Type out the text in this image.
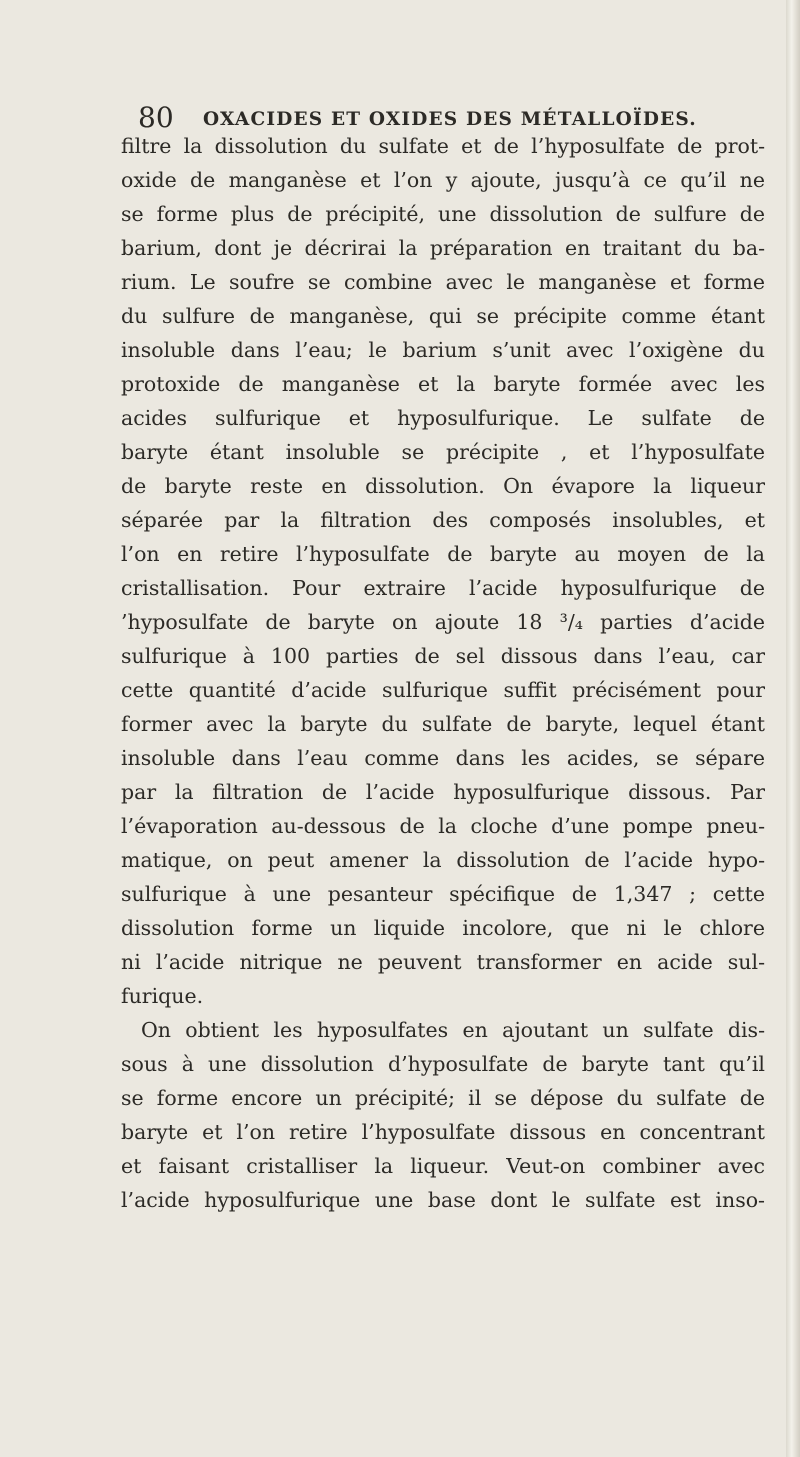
80 OXACIDES ET OXIDES DES MÉTALLOÏDES.
filtre la dissolution du sulfate et de l’hyposulfate de prot-
oxide de manganèse et l’on y ajoute, jusqu’à ce qu’il ne
se forme plus de précipité, une dissolution de sulfure de
barium, dont je décrirai la préparation en traitant du ba-
rium. Le soufre se combine avec le manganèse et forme
du sulfure de manganèse, qui se précipite comme étant
insoluble dans l’eau; le barium s’unit avec l’oxigène du
protoxide de manganèse et la baryte formée avec les
acides sulfurique et hyposulfurique. Le sulfate de
baryte étant insoluble se précipite , et l’hyposulfate
de baryte reste en dissolution. On évapore la liqueur
séparée par la filtration des composés insolubles, et
l’on en retire l’hyposulfate de baryte au moyen de la
cristallisation. Pour extraire l’acide hyposulfurique de
’hyposulfate de baryte on ajoute 18 ³/₄ parties d’acide
sulfurique à 100 parties de sel dissous dans l’eau, car
cette quantité d’acide sulfurique suffit précisément pour
former avec la baryte du sulfate de baryte, lequel étant
insoluble dans l’eau comme dans les acides, se sépare
par la filtration de l’acide hyposulfurique dissous. Par
l’évaporation au-dessous de la cloche d’une pompe pneu-
matique, on peut amener la dissolution de l’acide hypo-
sulfurique à une pesanteur spécifique de 1,347 ; cette
dissolution forme un liquide incolore, que ni le chlore
ni l’acide nitrique ne peuvent transformer en acide sul-
furique.
On obtient les hyposulfates en ajoutant un sulfate dis-
sous à une dissolution d’hyposulfate de baryte tant qu’il
se forme encore un précipité; il se dépose du sulfate de
baryte et l’on retire l’hyposulfate dissous en concentrant
et faisant cristalliser la liqueur. Veut-on combiner avec
l’acide hyposulfurique une base dont le sulfate est inso-
